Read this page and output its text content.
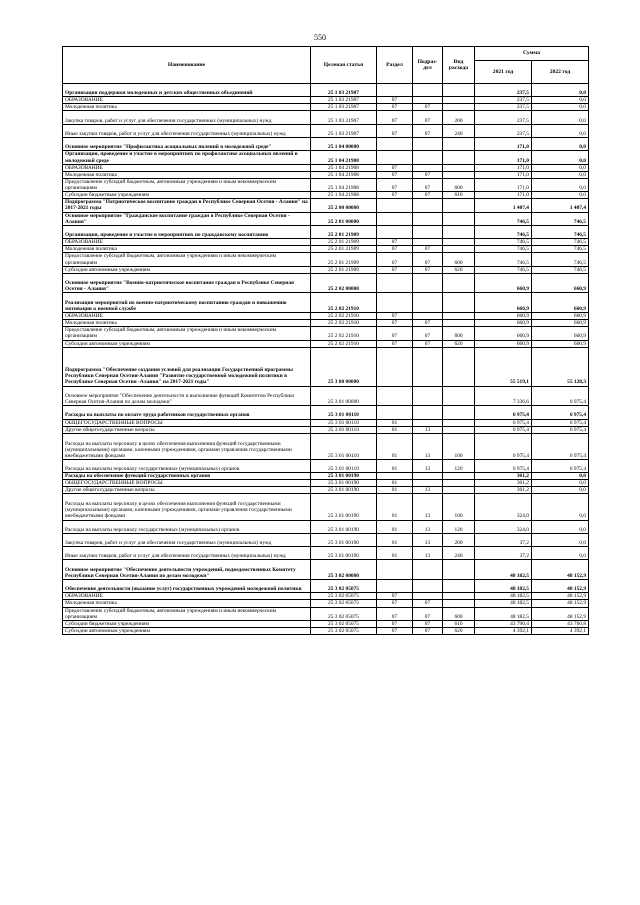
550
Наименование	Целевая статья	Раздел	Подраз-дел	Вид расхода	Сумма	
					2021 год	2022 год
Организация поддержки молодежных и детских общественных объединений	25 1 03 21907				237,5	0,0
ОБРАЗОВАНИЕ	25 1 03 21907	07			237,5	0,0
Молодежная политика	25 1 03 21907	07	07		237,5	0,0
Закупка товаров, работ и услуг для обеспечения государственных (муниципальных) нужд	25 1 03 21907	07	07	200	237,5	0,0
Иные закупки товаров, работ и услуг для обеспечения государственных (муниципальных) нужд	25 1 03 21907	07	07	240	237,5	0,0
Основное мероприятие "Профилактика асоциальных явлений в молодежной среде"	25 1 04 00000				171,0	0,0
Организация, проведение и участие в мероприятиях по профилактике асоциальных явлений в молодежной среде	25 1 04 21908				171,0	0,0
ОБРАЗОВАНИЕ	25 1 04 21908	07			171,0	0,0
Молодежная политика	25 1 04 21908	07	07		171,0	0,0
Предоставление субсидий бюджетным, автономным учреждениям и иным некоммерческим организациям	25 1 04 21908	07	07	600	171,0	0,0
Субсидии бюджетным учреждениям	25 1 04 21908	07	07	610	171,0	0,0
Подпрограмма "Патриотическое воспитание граждан в Республике Северная Осетия - Алания" на 2017-2021 годы	25 2 00 00000				1 407,4	1 407,4
Основное мероприятие "Гражданское воспитание граждан в Республике Северная Осетия - Алания"	25 2 01 00000				746,5	746,5
Организация, проведение и участие в мероприятиях по гражданскому воспитанию	25 2 01 21909				746,5	746,5
ОБРАЗОВАНИЕ	25 2 01 21909	07			746,5	746,5
Молодежная политика	25 2 01 21909	07	07		746,5	746,5
Предоставление субсидий бюджетным, автономным учреждениям и иным некоммерческим организациям	25 2 01 21909	07	07	600	746,5	746,5
Субсидии автономным учреждениям	25 2 01 21909	07	07	620	746,5	746,5
Основное мероприятие "Военно-патриотическое воспитание граждан в Республике Северная Осетия - Алания"	25 2 02 00000				660,9	660,9
Реализация мероприятий по военно-патриотическому воспитанию граждан и повышению мотивации к военной службе	25 2 02 21910				660,9	660,9
ОБРАЗОВАНИЕ	25 2 02 21910	07			660,9	660,9
Молодежная политика	25 2 02 21910	07	07		660,9	660,9
Предоставление субсидий бюджетным, автономным учреждениям и иным некоммерческим организациям	25 2 02 21910	07	07	600	660,9	660,9
Субсидии автономным учреждениям	25 2 02 21910	07	07	620	660,9	660,9
Подпрограмма "Обеспечение создания условий для реализации Государственной программы Республики Северная Осетия-Алания "Развитие государственной молодежной политики в Республике Северная Осетия -Алания" на 2017-2021 годы"	25 3 00 00000				55 519,1	55 128,3
Основное мероприятие "Обеспечение деятельности и выполнение функций Комитетом Республики Северная Осетия-Алания по делам молодежи"	25 3 01 00000				7 336,6	6 975,4
Расходы на выплаты по оплате труда работников государственных органов	25 3 01 00110				6 975,4	6 975,4
ОБЩЕГОСУДАРСТВЕННЫЕ ВОПРОСЫ	25 3 01 00110	01			6 975,4	6 975,4
Другие общегосударственные вопросы	25 3 01 00110	01	13		6 975,4	6 975,4
Расходы на выплаты персоналу в целях обеспечения выполнения функций государственными (муниципальными) органами, казенными учреждениями, органами управления государственными внебюджетными фондами	25 3 01 00110	01	13	100	6 975,4	6 975,4
Расходы на выплаты персоналу государственных (муниципальных) органов	25 3 01 00110	01	13	120	6 975,4	6 975,4
Расходы на обеспечение функций государственных органов	25 3 01 00190				361,2	0,0
ОБЩЕГОСУДАРСТВЕННЫЕ ВОПРОСЫ	25 3 01 00190	01			361,2	0,0
Другие общегосударственные вопросы	25 3 01 00190	01	13		361,2	0,0
Расходы на выплаты персоналу в целях обеспечения выполнения функций государственными (муниципальными) органами, казенными учреждениями, органами управления государственными внебюджетными фондами	25 3 01 00190	01	13	100	324,0	0,0
Расходы на выплаты персоналу государственных (муниципальных) органов	25 3 01 00190	01	13	120	324,0	0,0
Закупка товаров, работ и услуг для обеспечения государственных (муниципальных) нужд	25 3 01 00190	01	13	200	37,2	0,0
Иные закупки товаров, работ и услуг для обеспечения государственных (муниципальных) нужд	25 3 01 00190	01	13	240	37,2	0,0
Основное мероприятие "Обеспечение деятельности учреждений, подведомственных Комитету Республики Северная Осетия-Алания по делам молодежи"	25 3 02 00000				48 182,5	48 152,9
Обеспечение деятельности (оказание услуг) государственных учреждений молодежной политики	25 3 02 05075				48 182,5	48 152,9
ОБРАЗОВАНИЕ	25 3 02 05075	07			48 182,5	48 152,9
Молодежная политика	25 3 02 05075	07	07		48 182,5	48 152,9
Предоставление субсидий бюджетным, автономным учреждениям и иным некоммерческим организациям	25 3 02 05075	07	07	600	48 182,5	48 152,9
Субсидии бюджетным учреждениям	25 3 02 05075	07	07	610	43 790,4	43 760,8
Субсидии автономным учреждениям	25 3 02 05075	07	07	620	4 392,1	4 392,1
